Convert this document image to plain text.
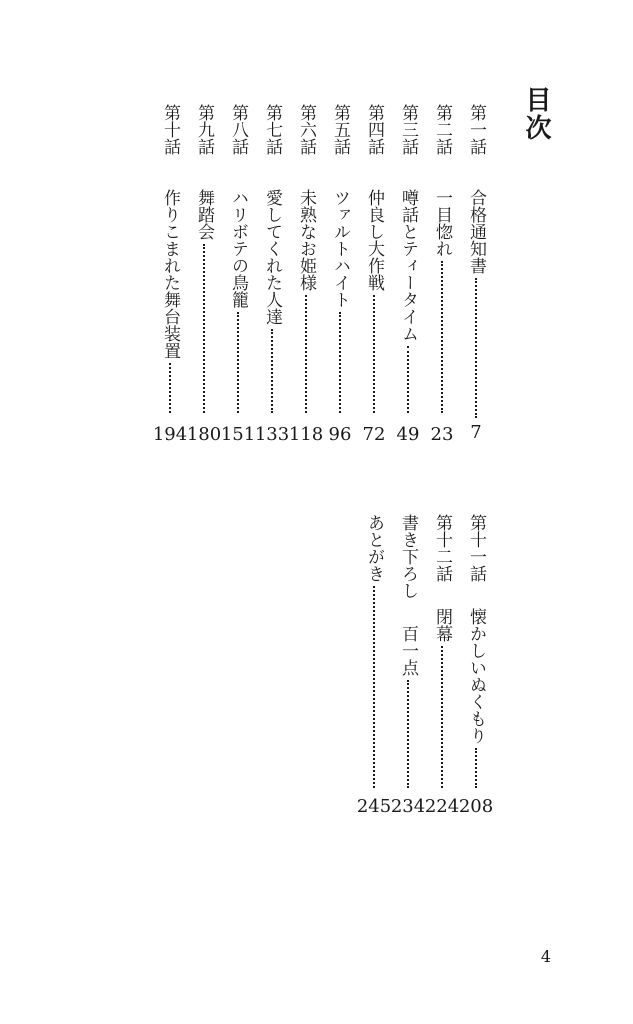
目次
第一話
合格通知書
7
第二話
一目惚れ
23
第三話
噂話とティータイム
49
第四話
仲良し大作戦
72
第五話
ツァルトハイト
96
第六話
未熟なお姫様
118
第七話
愛してくれた人達
133
第八話
ハリボテの鳥籠
151
第九話
舞踏会
180
第十話
作りこまれた舞台装置
194
第十一話
懐かしいぬくもり
208
第十二話
閉幕
224
書き下ろし
百一点
234
あとがき
245
4
